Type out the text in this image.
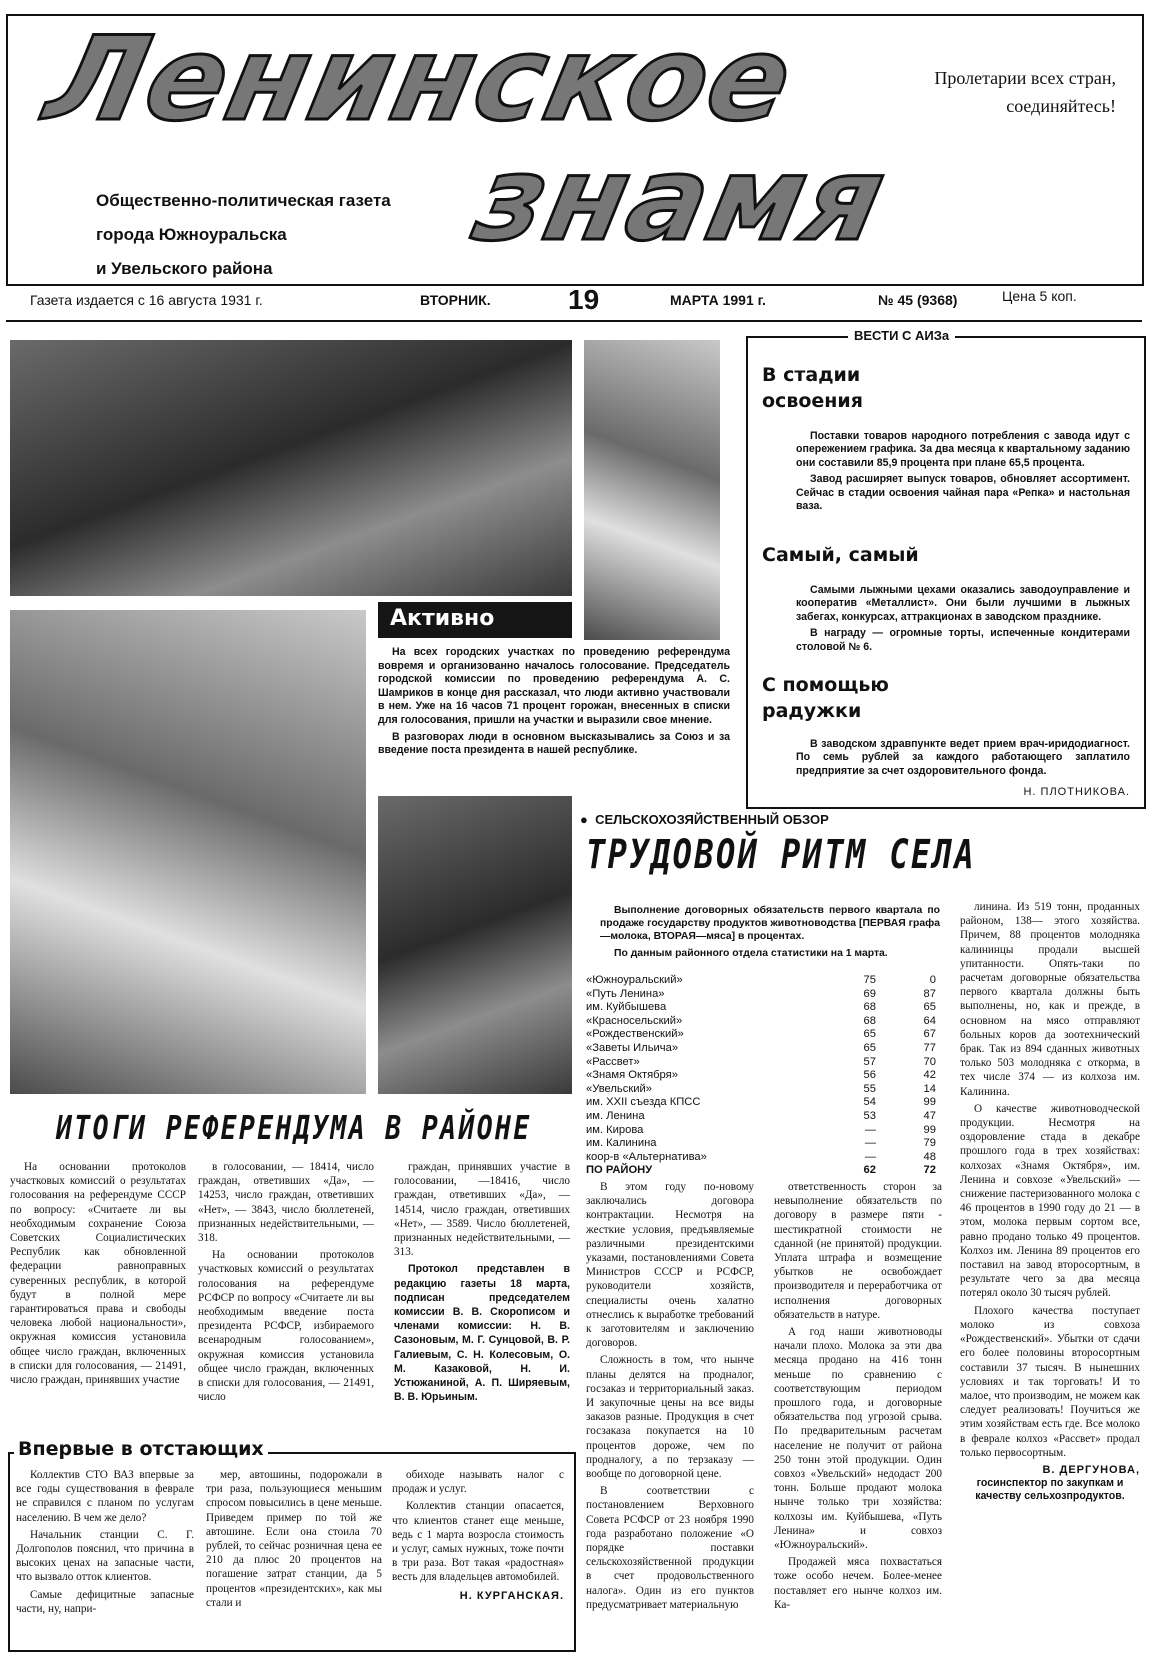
Ленинское
знамя
Пролетарии всех стран,
соединяйтесь!
Общественно-политическая газета
города Южноуральска
и Увельского района
Газета издается с 16 августа 1931 г.	ВТОРНИК.	19	МАРТА 1991 г.	№ 45 (9368)	Цена 5 коп.
Активно

На всех городских участках по проведению референдума вовремя и организованно началось голосование. Председатель городской комиссии по проведению референдума А. С. Шамриков в конце дня рассказал, что люди активно участвовали в нем. Уже на 16 часов 71 процент горожан, внесенных в списки для голосования, пришли на участки и выразили свое мнение.

В разговорах люди в основном высказывались за Союз и за введение поста президента в нашей республике.

ВЕСТИ С АИЗа
В стадии
освоения

Поставки товаров народного потребления с завода идут с опережением графика. За два месяца к квартальному заданию они составили 85,9 процента при плане 65,5 процента.

Завод расширяет выпуск товаров, обновляет ассортимент. Сейчас в стадии освоения чайная пара «Репка» и настольная ваза.

Самый, самый

Самыми лыжными цехами оказались заводоуправление и кооператив «Металлист». Они были лучшими в лыжных забегах, конкурсах, аттракционах в заводском празднике.

В награду — огромные торты, испеченные кондитерами столовой № 6.

С помощью
радужки

В заводском здравпункте ведет прием врач-иридодиагност. По семь рублей за каждого работающего заплатило предприятие за счет оздоровительного фонда.

Н. ПЛОТНИКОВА.
●  СЕЛЬСКОХОЗЯЙСТВЕННЫЙ ОБЗОР
ТРУДОВОЙ РИТМ СЕЛА

Выполнение договорных обязательств первого квартала по продаже государству продуктов животноводства [ПЕРВАЯ графа—молока, ВТОРАЯ—мяса] в процентах.

По данным районного отдела статистики на 1 марта.

«Южноуральский»	75	0
«Путь Ленина»	69	87
им. Куйбышева	68	65
«Красносельский»	68	64
«Рождественский»	65	67
«Заветы Ильича»	65	77
«Рассвет»	57	70
«Знамя Октября»	56	42
«Увельский»	55	14
им. XXII съезда КПСС	54	99
им. Ленина	53	47
им. Кирова	—	99
им. Калинина	—	79
коop-в «Альтернатива»	—	48
ПО РАЙОНУ	62	72

В этом году по-новому заключались договора контрактации. Несмотря на жесткие условия, предъявляемые различными президентскими указами, постановлениями Совета Министров СССР и РСФСР, руководители хозяйств, специалисты очень халатно отнеслись к выработке требований к заготовителям и заключению договоров.

Сложность в том, что нынче планы делятся на продналог, госзаказ и территориальный заказ. И закупочные цены на все виды заказов разные. Продукция в счет госзаказа покупается на 10 процентов дороже, чем по продналогу, а по терзаказу — вообще по договорной цене.

В соответствии с постановлением Верховного Совета РСФСР от 23 ноября 1990 года разработано положение «О порядке поставки сельскохозяйственной продукции в счет продовольственного налога». Один из его пунктов предусматривает материальную

ответственность сторон за невыполнение обязательств по договору в размере пяти - шестикратной стоимости не сданной (не принятой) продукции. Уплата штрафа и возмещение убытков не освобождает производителя и переработчика от исполнения договорных обязательств в натуре.

А год наши животноводы начали плохо. Молока за эти два месяца продано на 416 тонн меньше по сравнению с соответствующим периодом прошлого года, и договорные обязательства под угрозой срыва. По предварительным расчетам население не получит от района 250 тонн этой продукции. Один совхоз «Увельский» недодаст 200 тонн. Больше продают молока нынче только три хозяйства: колхозы им. Куйбышева, «Путь Ленина» и совхоз «Южноуральский».

Продажей мяса похвастаться тоже особо нечем. Более-менее поставляет его нынче колхоз им. Ка-

линина. Из 519 тонн, проданных районом, 138— этого хозяйства. Причем, 88 процентов молодняка калининцы продали высшей упитанности. Опять-таки по расчетам договорные обязательства первого квартала должны быть выполнены, но, как и прежде, в основном на мясо отправляют больных коров да зоотехнический брак. Так из 894 сданных животных только 503 молодняка с откорма, в тех числе 374 — из колхоза им. Калинина.

О качестве животноводческой продукции. Несмотря на оздоровление стада в декабре прошлого года в трех хозяйствах: колхозах «Знамя Октября», им. Ленина и совхозе «Увельский» — снижение пастеризованного молока с 46 процентов в 1990 году до 21 — в этом, молока первым сортом все, равно продано только 49 процентов. Колхоз им. Ленина 89 процентов его поставил на завод второсортным, в результате чего за два месяца потерял около 30 тысяч рублей.

Плохого качества поступает молоко из совхоза «Рождественский». Убытки от сдачи его более половины второсортным составили 37 тысяч. В нынешних условиях и так торговать! И то малое, что производим, не можем как следует реализовать! Поучиться же этим хозяйствам есть где. Все молоко в феврале колхоз «Рассвет» продал только первосортным.

В. ДЕРГУНОВА,
госинспектор по закупкам и качеству сельхозпродуктов.
ИТОГИ РЕФЕРЕНДУМА В РАЙОНЕ

На основании протоколов участковых комиссий о результатах голосования на референдуме СССР по вопросу: «Считаете ли вы необходимым сохранение Союза Советских Социалистических Республик как обновленной федерации равноправных суверенных республик, в которой будут в полной мере гарантироваться права и свободы человека любой национальности», окружная комиссия установила общее число граждан, включенных в списки для голосования, — 21491, число граждан, принявших участие

в голосовании, — 18414, число граждан, ответивших «Да», — 14253, число граждан, ответивших «Нет», — 3843, число бюллетеней, признанных недействительными, — 318.

На основании протоколов участковых комиссий о результатах голосования на референдуме РСФСР по вопросу «Считаете ли вы необходимым введение поста президента РСФСР, избираемого всенародным голосованием», окружная комиссия установила общее число граждан, включенных в списки для голосования, — 21491, число

граждан, принявших участие в голосовании, —18416, число граждан, ответивших «Да», — 14514, число граждан, ответивших «Нет», — 3589. Число бюллетеней, признанных недействительными, — 313.

Протокол представлен в редакцию газеты 18 марта, подписан председателем комиссии В. В. Скорописом и членами комиссии: Н. В. Сазоновым, М. Г. Сунцовой, В. Р. Галиевым, С. Н. Колесовым, О. М. Казаковой, Н. И. Устюжаниной, А. П. Ширяевым, В. В. Юрьиным.

Впервые в отстающих

Коллектив СТО ВАЗ впервые за все годы существования в феврале не справился с планом по услугам населению. В чем же дело?

Начальник станции С. Г. Долгополов пояснил, что причина в высоких ценах на запасные части, что вызвало отток клиентов.

Самые дефицитные запасные части, ну, напри-

мер, автошины, подорожали в три раза, пользующиеся меньшим спросом повысились в цене меньше. Приведем пример по той же автошине. Если она стоила 70 рублей, то сейчас розничная цена ее 210 да плюс 20 процентов на погашение затрат станции, да 5 процентов «президентских», как мы стали и

обиходе называть налог с продаж и услуг.

Коллектив станции опасается, что клиентов станет еще меньше, ведь с 1 марта возросла стоимость и услуг, самых нужных, тоже почти в три раза. Вот такая «радостная» весть для владельцев автомобилей.

Н. КУРГАНСКАЯ.
